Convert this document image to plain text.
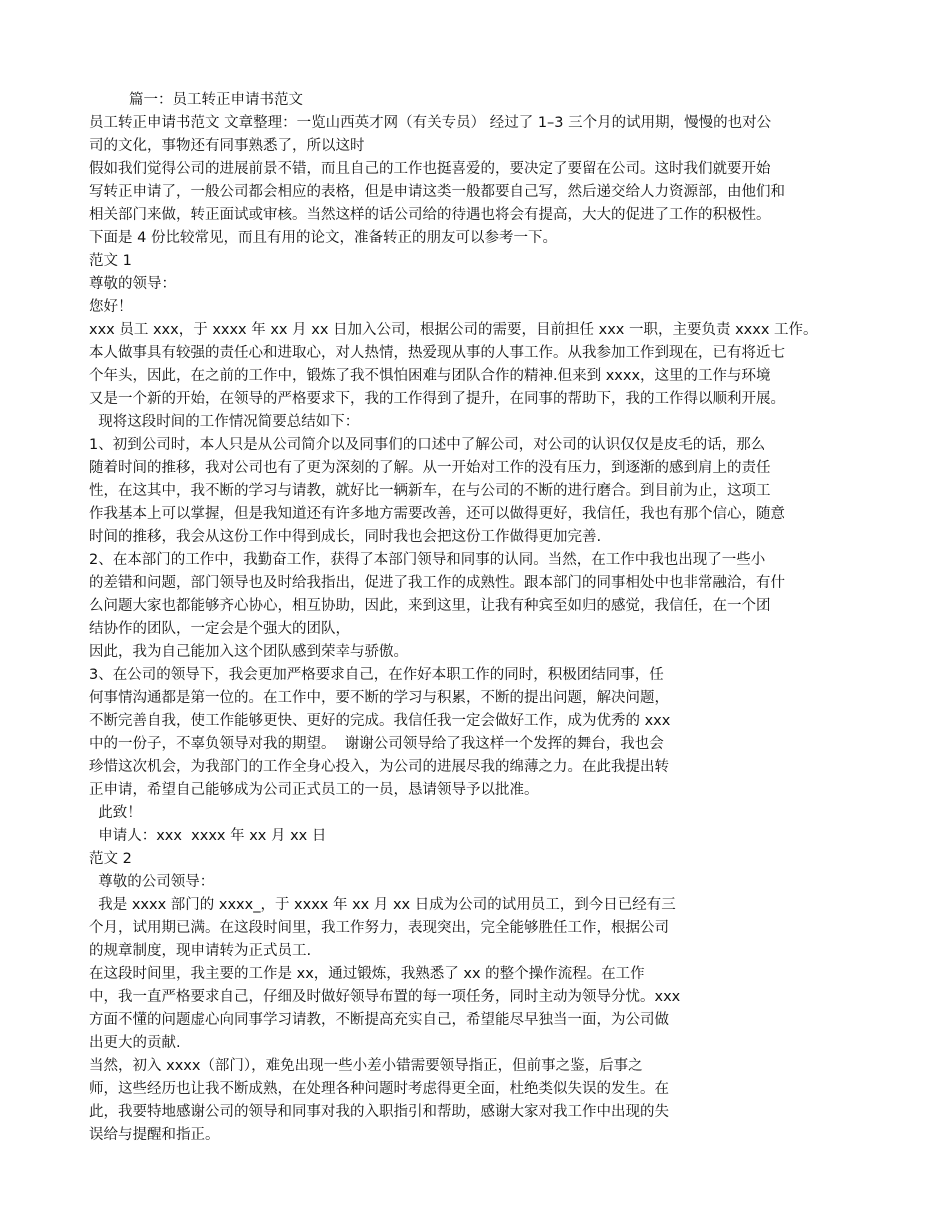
篇一：员工转正申请书范文
员工转正申请书范文 文章整理：一览山西英才网（有关专员） 经过了 1–3 三个月的试用期，慢慢的也对公
司的文化，事物还有同事熟悉了，所以这时
假如我们觉得公司的进展前景不错，而且自己的工作也挺喜爱的，要决定了要留在公司。这时我们就要开始
写转正申请了，一般公司都会相应的表格，但是申请这类一般都要自己写，然后递交给人力资源部，由他们和
相关部门来做，转正面试或审核。当然这样的话公司给的待遇也将会有提高，大大的促进了工作的积极性。
下面是 4 份比较常见，而且有用的论文，准备转正的朋友可以参考一下。
范文 1
尊敬的领导：
您好！
xxx 员工 xxx，于 xxxx 年 xx 月 xx 日加入公司，根据公司的需要，目前担任 xxx 一职，主要负责 xxxx 工作。
本人做事具有较强的责任心和进取心，对人热情，热爱现从事的人事工作。从我参加工作到现在，已有将近七
个年头，因此，在之前的工作中，锻炼了我不惧怕困难与团队合作的精神.但来到 xxxx，这里的工作与环境
又是一个新的开始，在领导的严格要求下，我的工作得到了提升，在同事的帮助下，我的工作得以顺利开展。
现将这段时间的工作情况简要总结如下：
1、初到公司时，本人只是从公司简介以及同事们的口述中了解公司，对公司的认识仅仅是皮毛的话，那么
随着时间的推移，我对公司也有了更为深刻的了解。从一开始对工作的没有压力，到逐渐的感到肩上的责任
性，在这其中，我不断的学习与请教，就好比一辆新车，在与公司的不断的进行磨合。到目前为止，这项工
作我基本上可以掌握，但是我知道还有许多地方需要改善，还可以做得更好，我信任，我也有那个信心，随意
时间的推移，我会从这份工作中得到成长，同时我也会把这份工作做得更加完善.
2、在本部门的工作中，我勤奋工作，获得了本部门领导和同事的认同。当然，在工作中我也出现了一些小
的差错和问题，部门领导也及时给我指出，促进了我工作的成熟性。跟本部门的同事相处中也非常融洽，有什
么问题大家也都能够齐心协心，相互协助，因此，来到这里，让我有种宾至如归的感觉，我信任，在一个团
结协作的团队，一定会是个强大的团队，
因此，我为自己能加入这个团队感到荣幸与骄傲。
3、在公司的领导下，我会更加严格要求自己，在作好本职工作的同时，积极团结同事，任
何事情沟通都是第一位的。在工作中，要不断的学习与积累，不断的提出问题，解决问题，
不断完善自我，使工作能够更快、更好的完成。我信任我一定会做好工作，成为优秀的 xxx
中的一份子，不辜负领导对我的期望。  谢谢公司领导给了我这样一个发挥的舞台，我也会
珍惜这次机会，为我部门的工作全身心投入，为公司的进展尽我的绵薄之力。在此我提出转
正申请，希望自己能够成为公司正式员工的一员，恳请领导予以批准。
此致！
申请人：xxx  xxxx 年 xx 月 xx 日
范文 2
尊敬的公司领导：
我是 xxxx 部门的 xxxx_，于 xxxx 年 xx 月 xx 日成为公司的试用员工，到今日已经有三
个月，试用期已满。在这段时间里，我工作努力，表现突出，完全能够胜任工作，根据公司
的规章制度，现申请转为正式员工.
在这段时间里，我主要的工作是 xx，通过锻炼，我熟悉了 xx 的整个操作流程。在工作
中，我一直严格要求自己，仔细及时做好领导布置的每一项任务，同时主动为领导分忧。xxx
方面不懂的问题虚心向同事学习请教，不断提高充实自己，希望能尽早独当一面，为公司做
出更大的贡献.
当然，初入 xxxx（部门），难免出现一些小差小错需要领导指正，但前事之鉴，后事之
师，这些经历也让我不断成熟，在处理各种问题时考虑得更全面，杜绝类似失误的发生。在
此，我要特地感谢公司的领导和同事对我的入职指引和帮助，感谢大家对我工作中出现的失
误给与提醒和指正。
